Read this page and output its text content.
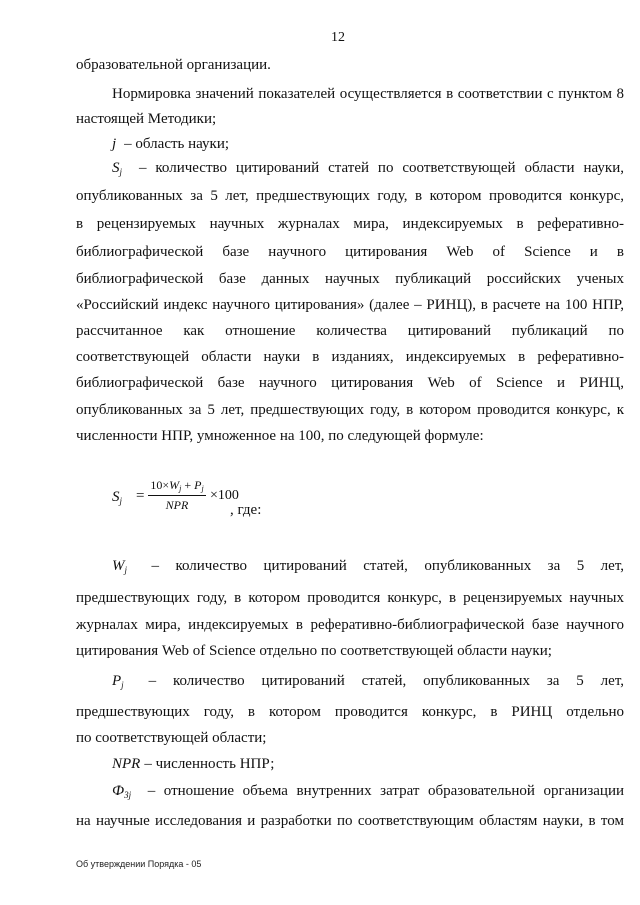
12
образовательной организации.
Нормировка значений показателей осуществляется в соответствии с пунктом 8
настоящей Методики;
j – область науки;
$S_j$ – количество цитирований статей по соответствующей области науки,
опубликованных за 5 лет, предшествующих году, в котором проводится конкурс,
в рецензируемых научных журналах мира, индексируемых в реферативно-
библиографической базе научного цитирования Web of Science и в
библиографической базе данных научных публикаций российских ученых
«Российский индекс научного цитирования» (далее – РИНЦ), в расчете на 100 НПР,
рассчитанное как отношение количества цитирований публикаций по
соответствующей области науки в изданиях, индексируемых в реферативно-
библиографической базе научного цитирования Web of Science и РИНЦ,
опубликованных за 5 лет, предшествующих году, в котором проводится конкурс, к
численности НПР, умноженное на 100, по следующей формуле:
$S_j$ =
$10\times W_j + P_j$
NPR
×100
, где:
$W_j$ – количество цитирований статей, опубликованных за 5 лет,
предшествующих году, в котором проводится конкурс, в рецензируемых научных
журналах мира, индексируемых в реферативно-библиографической базе научного
цитирования Web of Science отдельно по соответствующей области науки;
$P_j$ – количество цитирований статей, опубликованных за 5 лет,
предшествующих году, в котором проводится конкурс, в РИНЦ отдельно
по соответствующей области;
NPR – численность НПР;
$Ф_{3j}$ – отношение объема внутренних затрат образовательной организации
на научные исследования и разработки по соответствующим областям науки, в том
Об утверждении Порядка - 05
